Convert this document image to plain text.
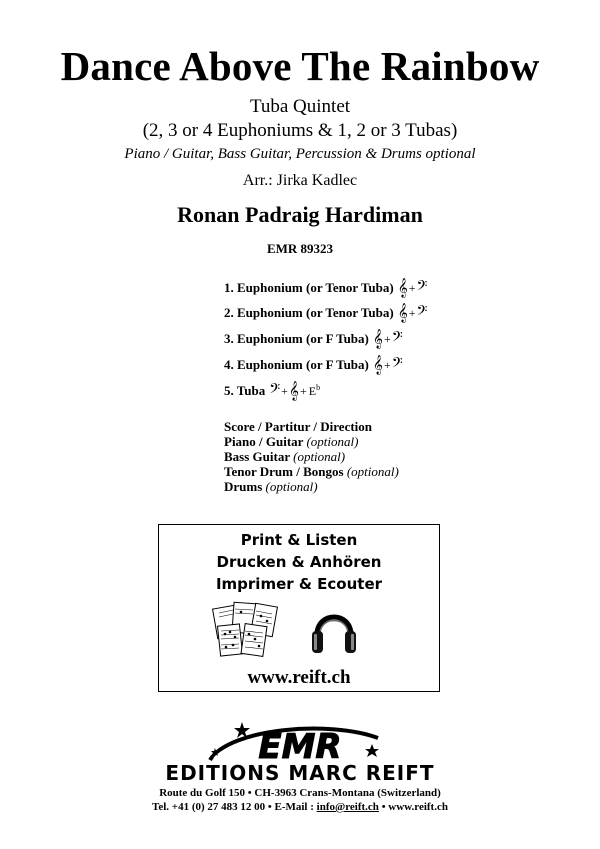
Dance Above The Rainbow
Tuba Quintet
(2, 3 or 4 Euphoniums & 1, 2 or 3 Tubas)
Piano / Guitar, Bass Guitar, Percussion & Drums optional
Arr.: Jirka Kadlec
Ronan Padraig Hardiman
EMR 89323
1. Euphonium (or Tenor Tuba) 𝄞 + 𝄢
2. Euphonium (or Tenor Tuba) 𝄞 + 𝄢
3. Euphonium (or F Tuba) 𝄞 + 𝄢
4. Euphonium (or F Tuba) 𝄞 + 𝄢
5. Tuba 𝄢 + 𝄞 + $E^b$
Score / Partitur / Direction
Piano / Guitar (optional)
Bass Guitar (optional)
Tenor Drum / Bongos (optional)
Drums (optional)
Print & Listen
Drucken & Anhören
Imprimer & Ecouter
www.reift.ch
EMR
EDITIONS MARC REIFT
Route du Golf 150 • CH-3963 Crans-Montana (Switzerland)
Tel. +41 (0) 27 483 12 00 • E-Mail : info@reift.ch • www.reift.ch
